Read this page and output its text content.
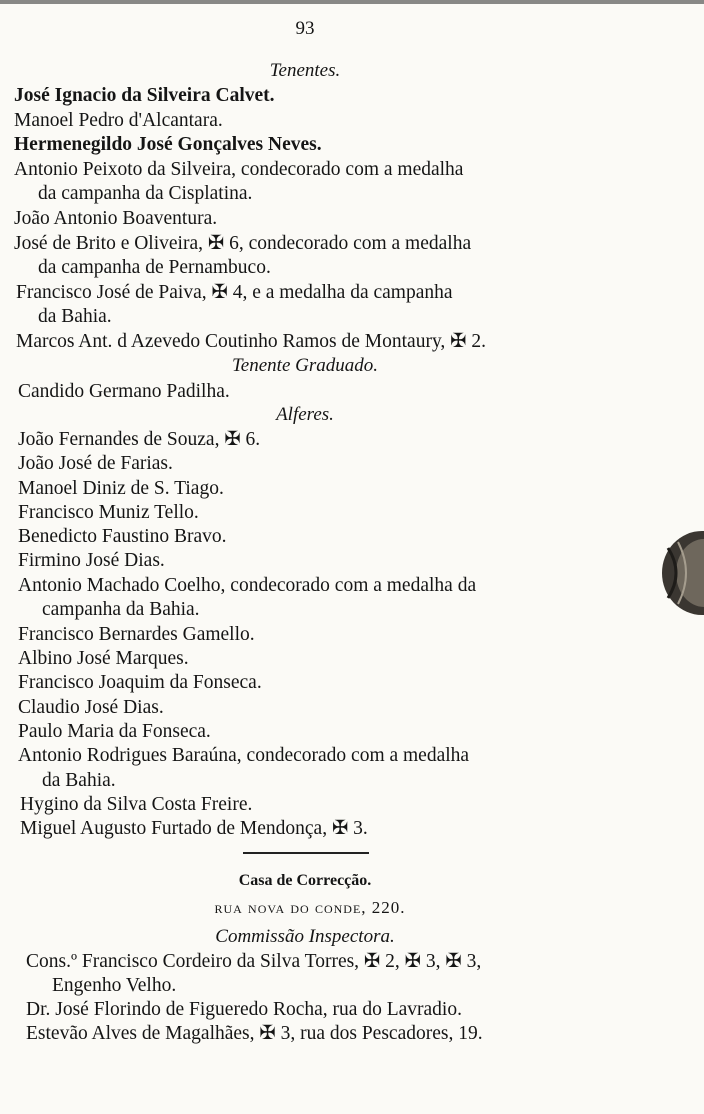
93
Tenentes.
José Ignacio da Silveira Calvet.
Manoel Pedro d'Alcantara.
Hermenegildo José Gonçalves Neves.
Antonio Peixoto da Silveira, condecorado com a medalha
da campanha da Cisplatina.
João Antonio Boaventura.
José de Brito e Oliveira, ✠ 6, condecorado com a medalha
da campanha de Pernambuco.
Francisco José de Paiva, ✠ 4, e a medalha da campanha
da Bahia.
Marcos Ant. d Azevedo Coutinho Ramos de Montaury, ✠ 2.
Tenente Graduado.
Candido Germano Padilha.
Alferes.
João Fernandes de Souza, ✠ 6.
João José de Farias.
Manoel Diniz de S. Tiago.
Francisco Muniz Tello.
Benedicto Faustino Bravo.
Firmino José Dias.
Antonio Machado Coelho, condecorado com a medalha da
campanha da Bahia.
Francisco Bernardes Gamello.
Albino José Marques.
Francisco Joaquim da Fonseca.
Claudio José Dias.
Paulo Maria da Fonseca.
Antonio Rodrigues Baraúna, condecorado com a medalha
da Bahia.
Hygino da Silva Costa Freire.
Miguel Augusto Furtado de Mendonça, ✠ 3.
Casa de Correcção.
rua nova do conde, 220.
Commissão Inspectora.
Cons.º Francisco Cordeiro da Silva Torres, ✠ 2, ✠ 3, ✠ 3,
Engenho Velho.
Dr. José Florindo de Figueredo Rocha, rua do Lavradio.
Estevão Alves de Magalhães, ✠ 3, rua dos Pescadores, 19.
